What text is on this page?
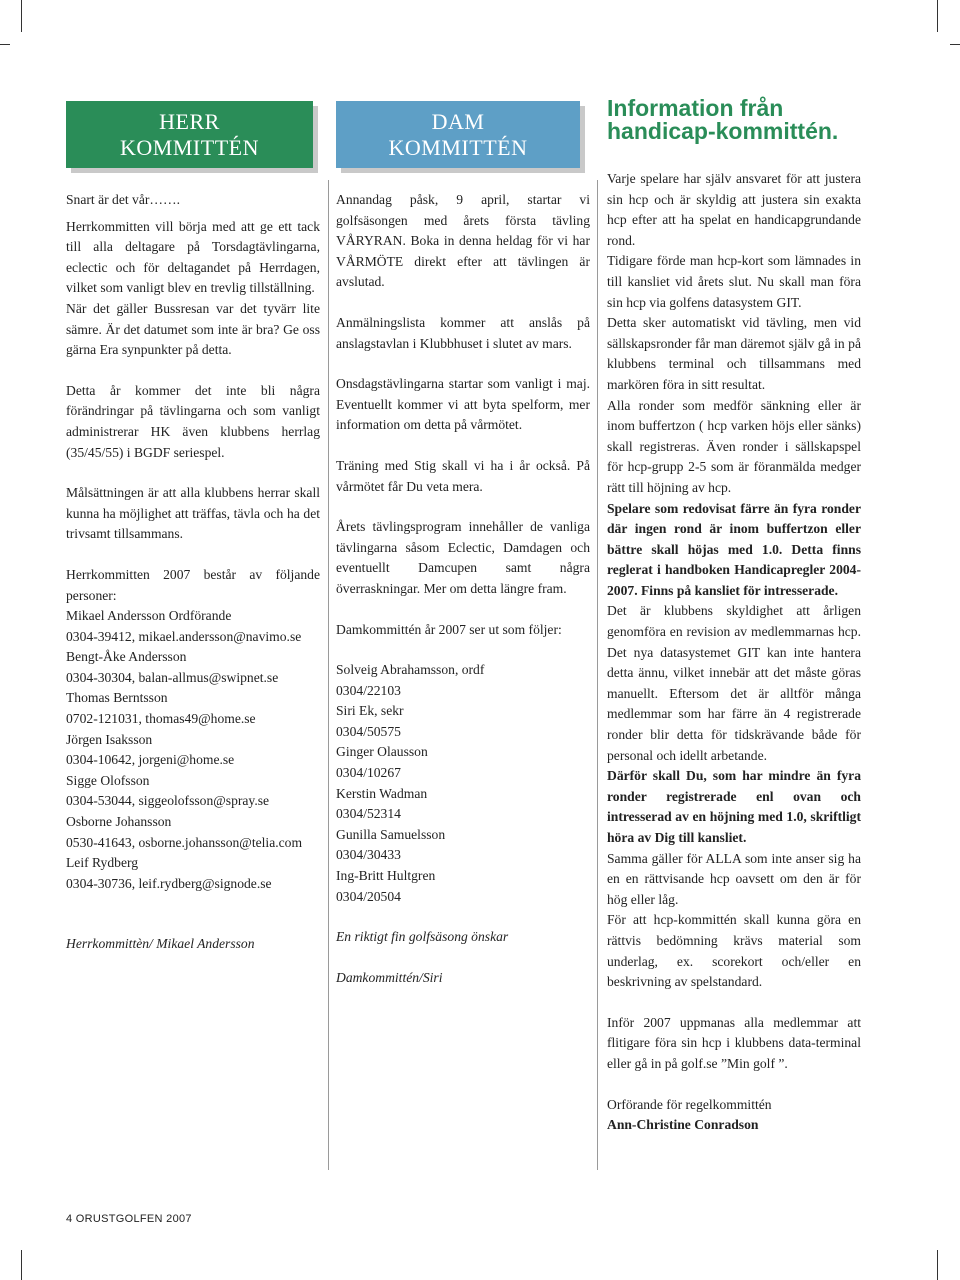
HERR
KOMMITTÉN
DAM
KOMMITTÉN
Information från
handicap-kommittén.

Snart är det vår…….

Herrkommitten vill börja med att ge ett tack till alla deltagare på Torsdagtävlingarna, eclectic och för deltagandet på Herrdagen, vilket som vanligt blev en trevlig tillställning.

När det gäller Bussresan var det tyvärr lite sämre. Är det datumet som inte är bra? Ge oss gärna Era synpunkter på detta.

Detta år kommer det inte bli några förändringar på tävlingarna och som vanligt administrerar HK även klubbens herrlag (35/45/55) i BGDF seriespel.

Målsättningen är att alla klubbens herrar skall kunna ha möjlighet att träffas, tävla och ha det trivsamt tillsammans.

Herrkommitten 2007 består av följande personer:

Mikael Andersson Ordförande

0304-39412, mikael.andersson@navimo.se

Bengt-Åke Andersson

0304-30304, balan-allmus@swipnet.se

Thomas Berntsson

0702-121031, thomas49@home.se

Jörgen Isaksson

0304-10642, jorgeni@home.se

Sigge Olofsson

0304-53044, siggeolofsson@spray.se

Osborne Johansson

0530-41643, osborne.johansson@telia.com

Leif Rydberg

0304-30736, leif.rydberg@signode.se

Herrkommittèn/ Mikael Andersson

Annandag påsk, 9 april, startar vi golfsäsongen med årets första tävling VÅRYRAN. Boka in denna heldag för vi har VÅRMÖTE direkt efter att tävlingen är avslutad.

Anmälningslista kommer att anslås på anslagstavlan i Klubbhuset i slutet av mars.

Onsdagstävlingarna startar som vanligt i maj. Eventuellt kommer vi att byta spelform, mer information om detta på vårmötet.

Träning med Stig skall vi ha i år också. På vårmötet får Du veta mera.

Årets tävlingsprogram innehåller de vanliga tävlingarna såsom Eclectic, Damdagen och eventuellt Damcupen samt några överraskningar. Mer om detta längre fram.

Damkommittén år 2007 ser ut som följer:

Solveig Abrahamsson, ordf

0304/22103

Siri Ek, sekr

0304/50575

Ginger Olausson

0304/10267

Kerstin Wadman

0304/52314

Gunilla Samuelsson

0304/30433

Ing-Britt Hultgren

0304/20504

En riktigt fin golfsäsong önskar

Damkommittén/Siri

Varje spelare har själv ansvaret för att justera sin hcp och är skyldig att justera sin exakta hcp efter att ha spelat en handicapgrundande rond.

Tidigare förde man hcp-kort som lämnades in till kansliet vid årets slut. Nu skall man föra sin hcp via golfens datasystem GIT.

Detta sker automatiskt vid tävling, men vid sällskapsronder får man däremot själv gå in på klubbens terminal och tillsammans med markören föra in sitt resultat.

Alla ronder som medför sänkning eller är inom buffertzon ( hcp varken höjs eller sänks) skall registreras. Även ronder i sällskapspel för hcp-grupp 2-5 som är föranmälda medger rätt till höjning av hcp.

Spelare som redovisat färre än fyra ronder där ingen rond är inom buffertzon eller bättre skall höjas med 1.0. Detta finns reglerat i handboken Handicapregler 2004-2007. Finns på kansliet för intresserade.

Det är klubbens skyldighet att årligen genomföra en revision av medlemmarnas hcp. Det nya datasystemet GIT kan inte hantera detta ännu, vilket innebär att det måste göras manuellt. Eftersom det är alltför många medlemmar som har färre än 4 registrerade ronder blir detta för tidskrävande både för personal och idellt arbetande.

Därför skall Du, som har mindre än fyra ronder registrerade enl ovan och intresserad av en höjning med 1.0, skriftligt höra av Dig till kansliet.

Samma gäller för ALLA som inte anser sig ha en en rättvisande hcp oavsett om den är för hög eller låg.

För att hcp-kommittén skall kunna göra en rättvis bedömning krävs material som underlag, ex. scorekort och/eller en beskrivning av spelstandard.

Inför 2007 uppmanas alla medlemmar att flitigare föra sin hcp i klubbens data-terminal eller gå in på golf.se ”Min golf ”.

Orförande för regelkommittén

Ann-Christine Conradson

4 ORUSTGOLFEN 2007
